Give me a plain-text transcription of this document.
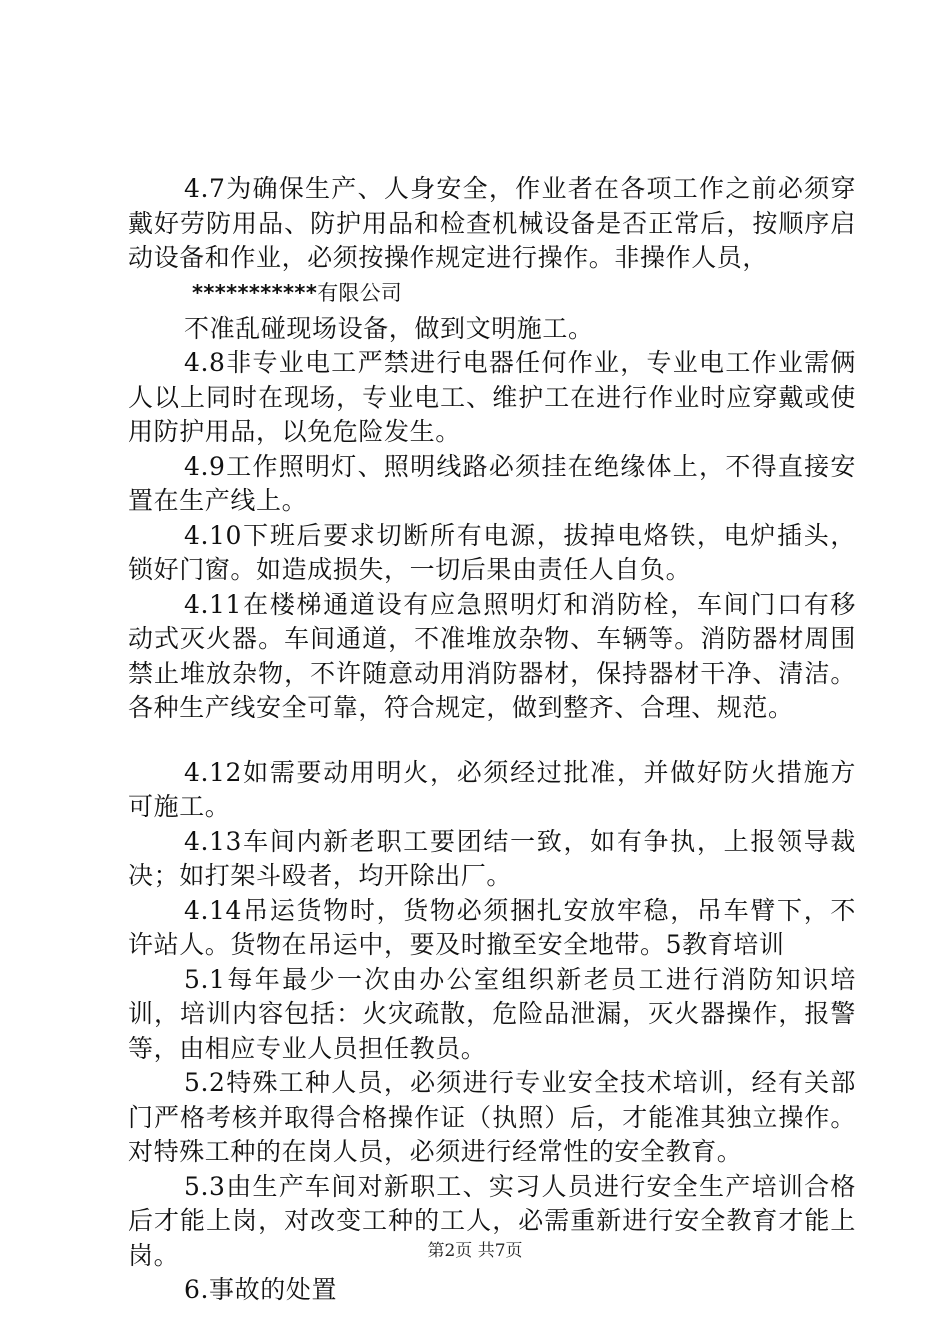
4.7为确保生产、人身安全，作业者在各项工作之前必须穿戴好劳防用品、防护用品和检查机械设备是否正常后，按顺序启动设备和作业，必须按操作规定进行操作。非操作人员，

***********有限公司

不准乱碰现场设备，做到文明施工。

4.8非专业电工严禁进行电器任何作业，专业电工作业需俩人以上同时在现场，专业电工、维护工在进行作业时应穿戴或使用防护用品，以免危险发生。

4.9工作照明灯、照明线路必须挂在绝缘体上，不得直接安置在生产线上。

4.10下班后要求切断所有电源，拔掉电烙铁，电炉插头，锁好门窗。如造成损失，一切后果由责任人自负。

4.11在楼梯通道设有应急照明灯和消防栓，车间门口有移动式灭火器。车间通道，不准堆放杂物、车辆等。消防器材周围禁止堆放杂物，不许随意动用消防器材，保持器材干净、清洁。各种生产线安全可靠，符合规定，做到整齐、合理、规范。

4.12如需要动用明火，必须经过批准，并做好防火措施方可施工。

4.13车间内新老职工要团结一致，如有争执，上报领导裁决；如打架斗殴者，均开除出厂。

4.14吊运货物时，货物必须捆扎安放牢稳，吊车臂下，不许站人。货物在吊运中，要及时撤至安全地带。5教育培训

5.1每年最少一次由办公室组织新老员工进行消防知识培训，培训内容包括：火灾疏散，危险品泄漏，灭火器操作，报警等，由相应专业人员担任教员。

5.2特殊工种人员，必须进行专业安全技术培训，经有关部门严格考核并取得合格操作证（执照）后，才能准其独立操作。对特殊工种的在岗人员，必须进行经常性的安全教育。

5.3由生产车间对新职工、实习人员进行安全生产培训合格后才能上岗，对改变工种的工人，必需重新进行安全教育才能上岗。

6.事故的处置

第2页 共7页
